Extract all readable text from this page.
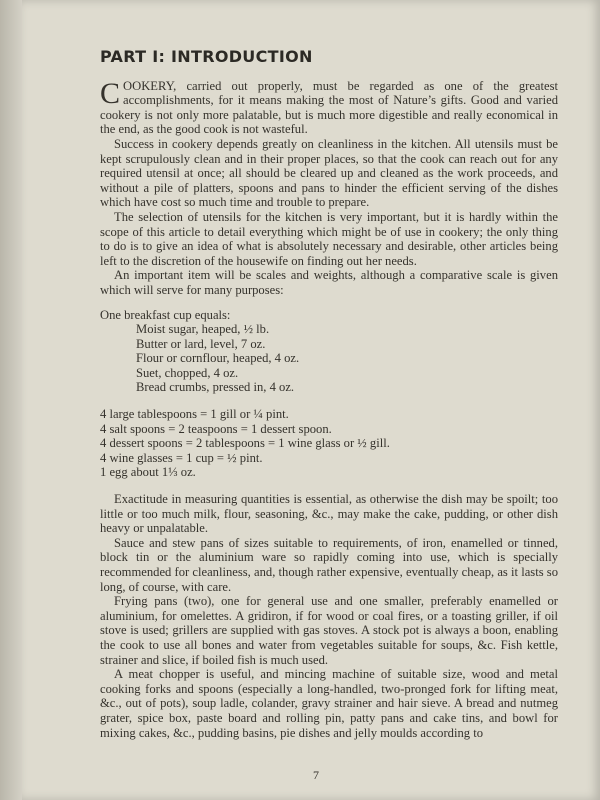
PART I: INTRODUCTION

COOKERY, carried out properly, must be regarded as one of the greatest accomplishments, for it means making the most of Nature’s gifts. Good and varied cookery is not only more palatable, but is much more digestible and really economical in the end, as the good cook is not wasteful.

Success in cookery depends greatly on cleanliness in the kitchen. All utensils must be kept scrupulously clean and in their proper places, so that the cook can reach out for any required utensil at once; all should be cleared up and cleaned as the work proceeds, and without a pile of platters, spoons and pans to hinder the efficient serving of the dishes which have cost so much time and trouble to prepare.

The selection of utensils for the kitchen is very important, but it is hardly within the scope of this article to detail everything which might be of use in cookery; the only thing to do is to give an idea of what is absolutely necessary and desirable, other articles being left to the discretion of the housewife on finding out her needs.

An important item will be scales and weights, although a comparative scale is given which will serve for many purposes:

One breakfast cup equals:

Moist sugar, heaped, ½ lb.
Butter or lard, level, 7 oz.
Flour or cornflour, heaped, 4 oz.
Suet, chopped, 4 oz.
Bread crumbs, pressed in, 4 oz.
4 large tablespoons = 1 gill or ¼ pint.
4 salt spoons = 2 teaspoons = 1 dessert spoon.
4 dessert spoons = 2 tablespoons = 1 wine glass or ½ gill.
4 wine glasses = 1 cup = ½ pint.
1 egg about 1⅓ oz.

Exactitude in measuring quantities is essential, as otherwise the dish may be spoilt; too little or too much milk, flour, seasoning, &c., may make the cake, pudding, or other dish heavy or unpalatable.

Sauce and stew pans of sizes suitable to requirements, of iron, enamelled or tinned, block tin or the aluminium ware so rapidly coming into use, which is specially recommended for cleanliness, and, though rather expensive, eventually cheap, as it lasts so long, of course, with care.

Frying pans (two), one for general use and one smaller, preferably enamelled or aluminium, for omelettes. A gridiron, if for wood or coal fires, or a toasting griller, if oil stove is used; grillers are supplied with gas stoves. A stock pot is always a boon, enabling the cook to use all bones and water from vegetables suitable for soups, &c. Fish kettle, strainer and slice, if boiled fish is much used.

A meat chopper is useful, and mincing machine of suitable size, wood and metal cooking forks and spoons (especially a long-handled, two-pronged fork for lifting meat, &c., out of pots), soup ladle, colander, gravy strainer and hair sieve. A bread and nutmeg grater, spice box, paste board and rolling pin, patty pans and cake tins, and bowl for mixing cakes, &c., pudding basins, pie dishes and jelly moulds according to

7
